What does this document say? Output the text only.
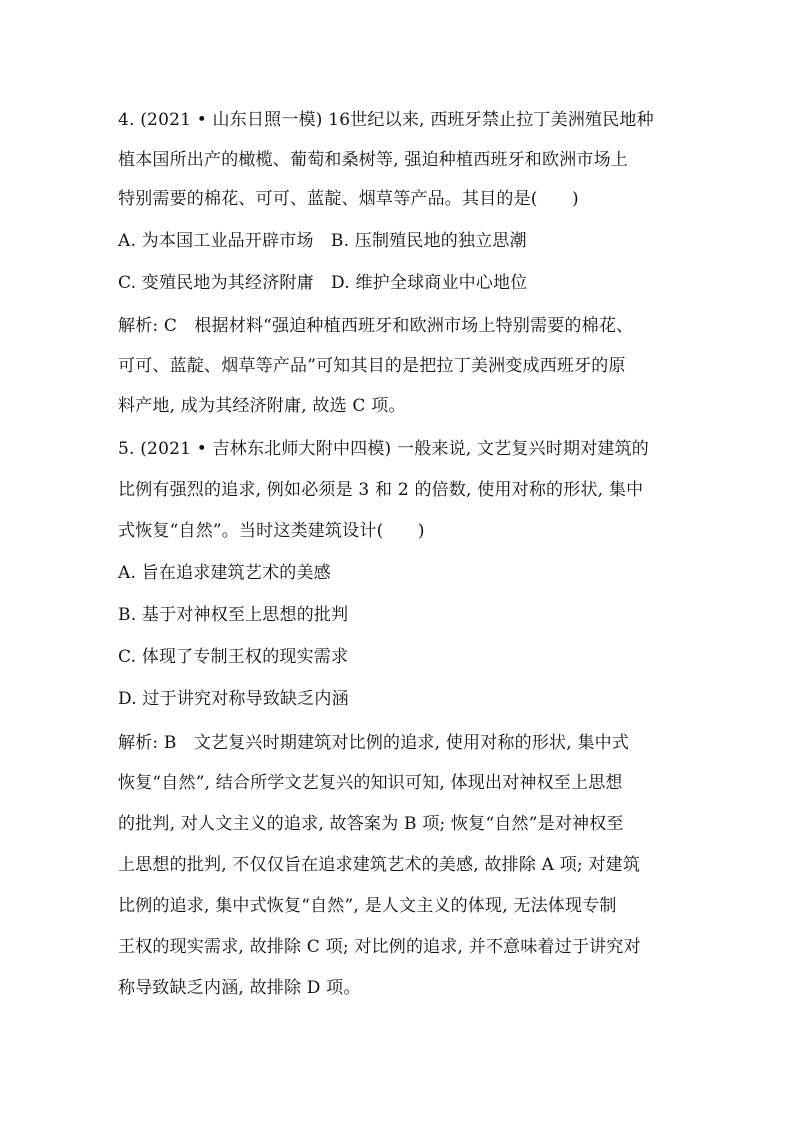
4. (2021 • 山东日照一模) 16世纪以来, 西班牙禁止拉丁美洲殖民地种
植本国所出产的橄榄、葡萄和桑树等, 强迫种植西班牙和欧洲市场上
特别需要的棉花、可可、蓝靛、烟草等产品。其目的是(　　)
A. 为本国工业品开辟市场　B. 压制殖民地的独立思潮
C. 变殖民地为其经济附庸　D. 维护全球商业中心地位
解析: C　根据材料“强迫种植西班牙和欧洲市场上特别需要的棉花、
可可、蓝靛、烟草等产品”可知其目的是把拉丁美洲变成西班牙的原
料产地, 成为其经济附庸, 故选 C 项。
5. (2021 • 吉林东北师大附中四模) 一般来说, 文艺复兴时期对建筑的
比例有强烈的追求, 例如必须是 3 和 2 的倍数, 使用对称的形状, 集中
式恢复“自然”。当时这类建筑设计(　　)
A. 旨在追求建筑艺术的美感
B. 基于对神权至上思想的批判
C. 体现了专制王权的现实需求
D. 过于讲究对称导致缺乏内涵
解析: B　文艺复兴时期建筑对比例的追求, 使用对称的形状, 集中式
恢复“自然”, 结合所学文艺复兴的知识可知, 体现出对神权至上思想
的批判, 对人文主义的追求, 故答案为 B 项; 恢复“自然”是对神权至
上思想的批判, 不仅仅旨在追求建筑艺术的美感, 故排除 A 项; 对建筑
比例的追求, 集中式恢复“自然”, 是人文主义的体现, 无法体现专制
王权的现实需求, 故排除 C 项; 对比例的追求, 并不意味着过于讲究对
称导致缺乏内涵, 故排除 D 项。
